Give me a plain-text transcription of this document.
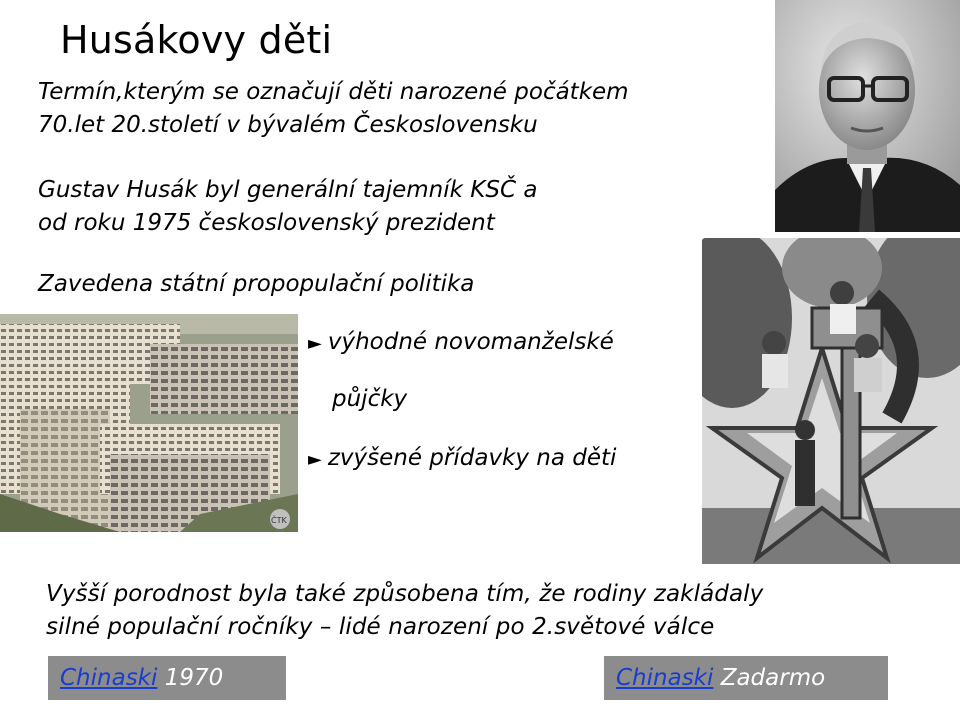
Husákovy děti
Termín,kterým se označují děti narozené počátkem
70.let 20.století v bývalém Československu
Gustav Husák byl generální tajemník KSČ a
od roku 1975 československý prezident
Zavedena státní propopulační politika
► výhodné novomanželské
půjčky
► zvýšené přídavky na děti
ČTK
Vyšší porodnost byla také způsobena tím, že rodiny zakládaly
silné populační ročníky – lidé narození po 2.světové válce
Chinaski 1970	Chinaski Zadarmo
